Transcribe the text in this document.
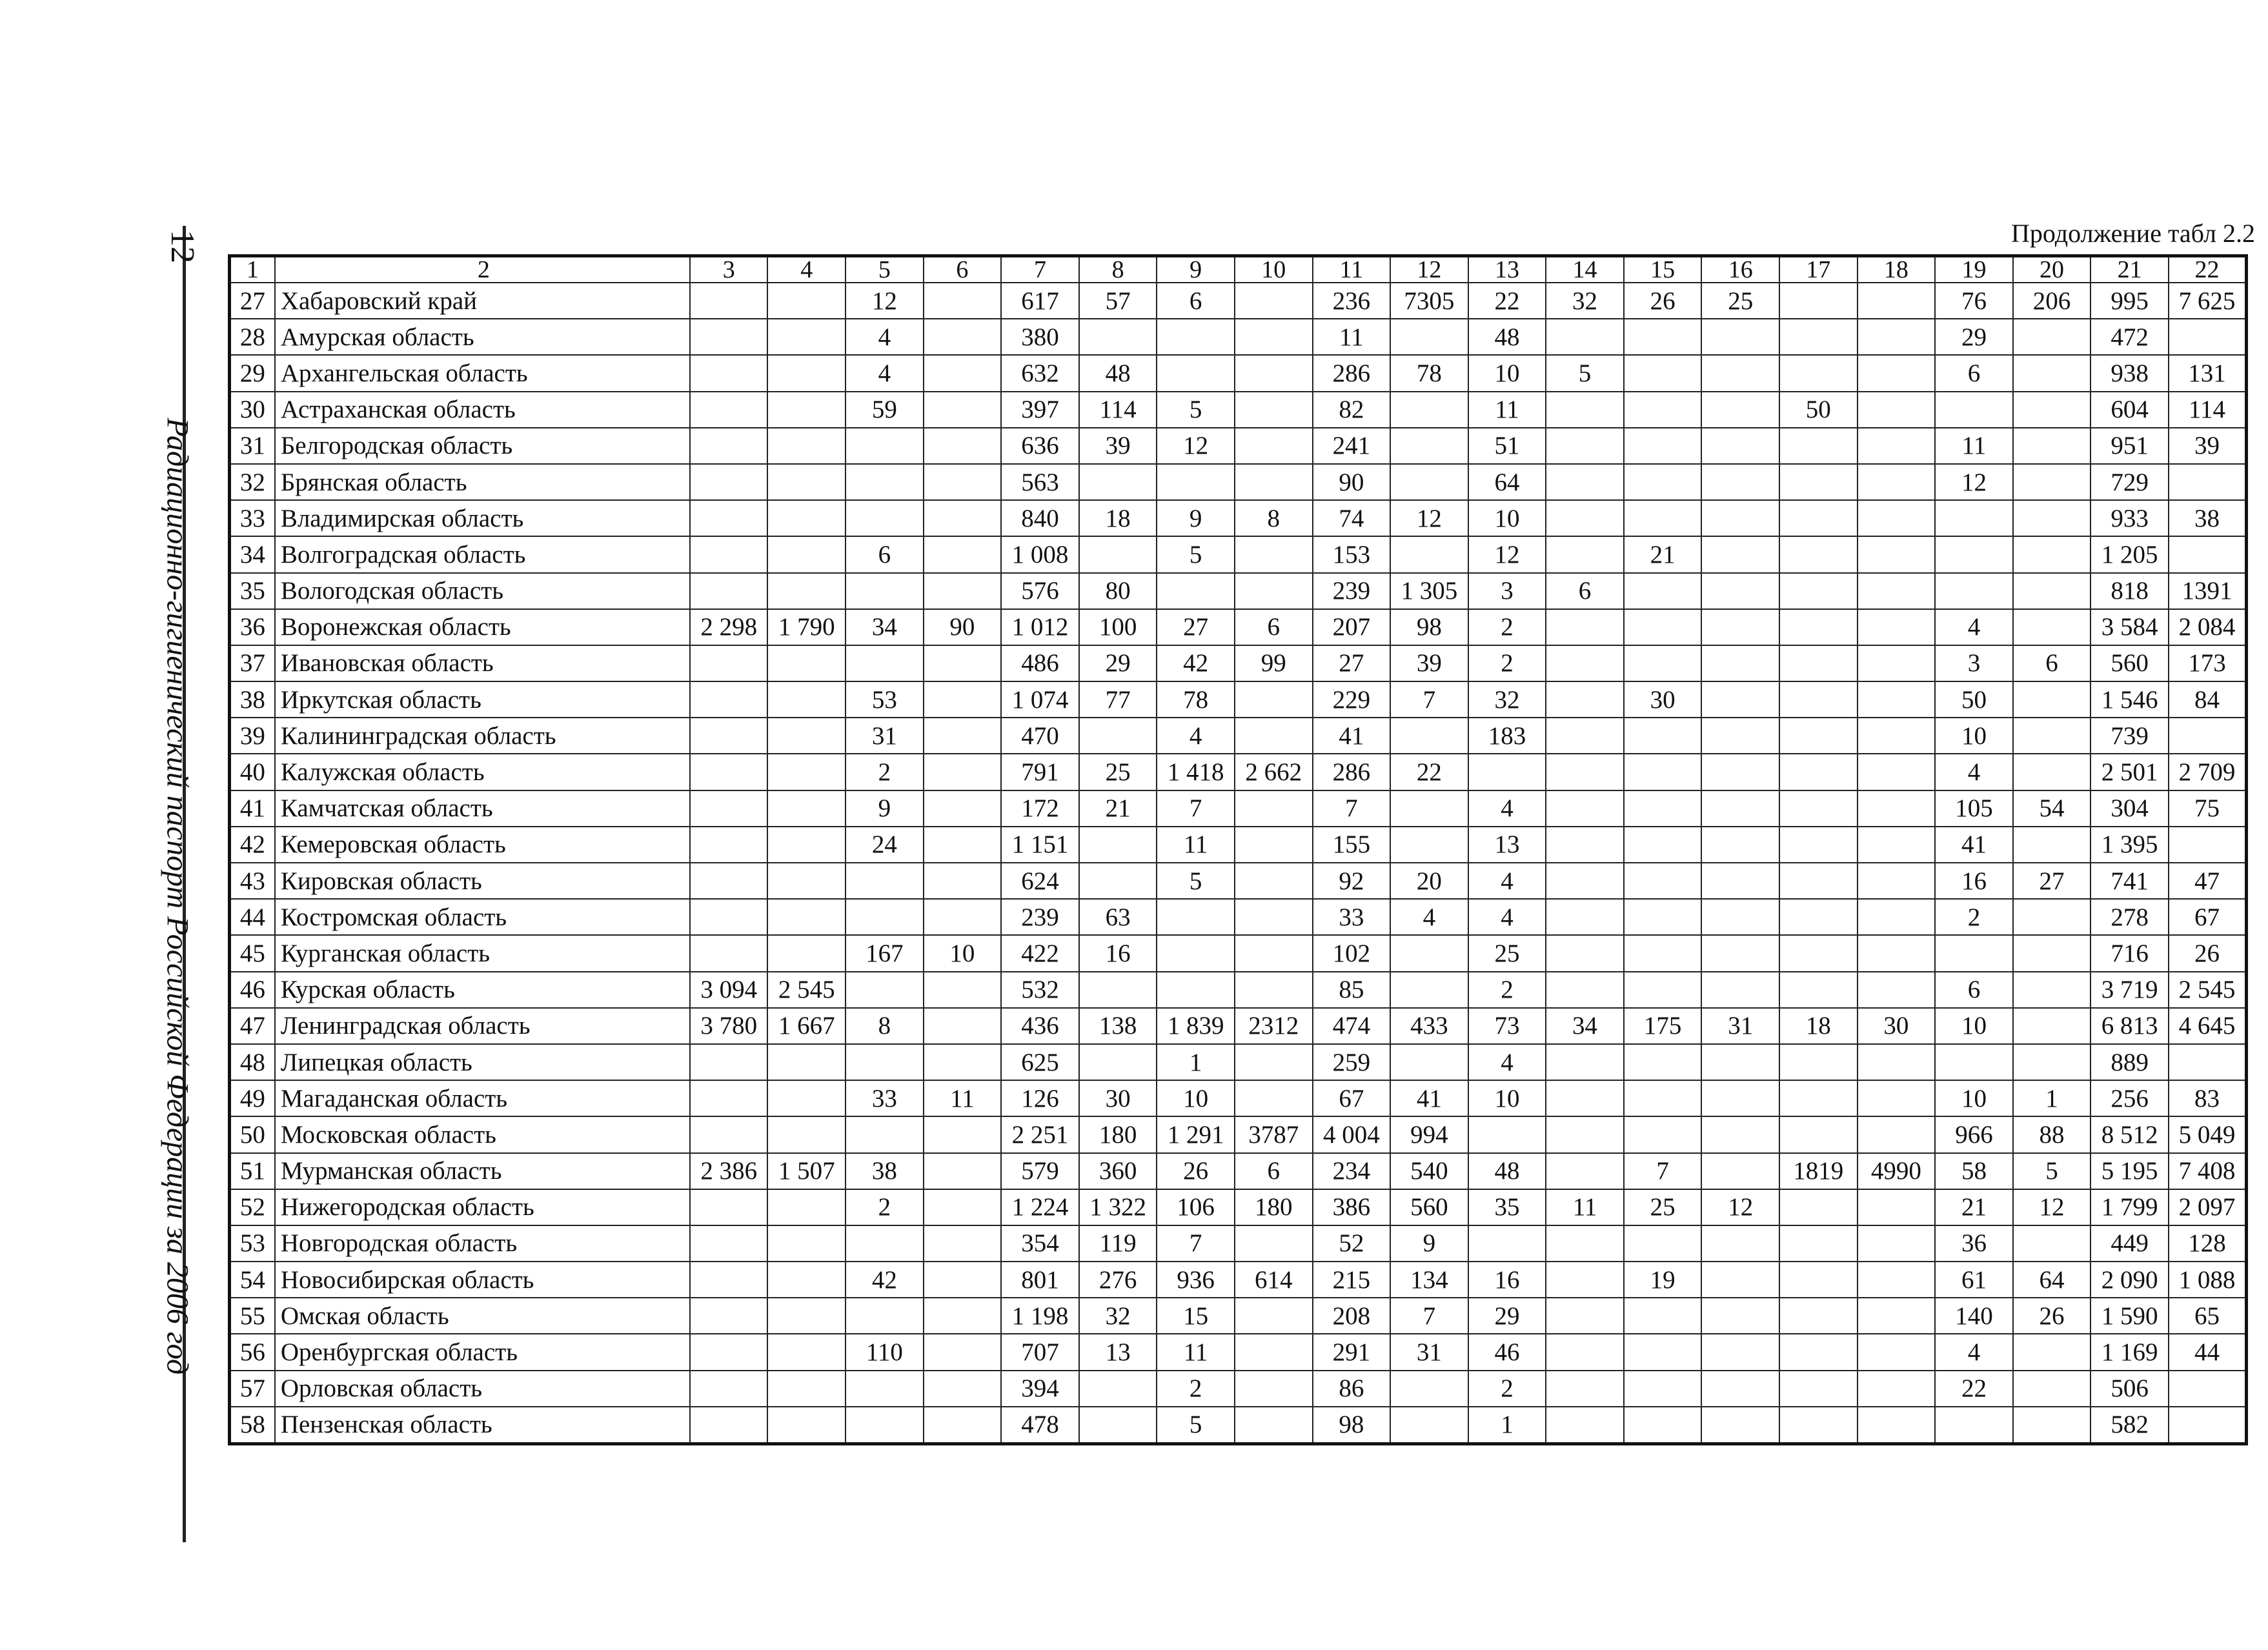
12
Радиационно-гигиенический паспорт Российской Федерации за 2006 год
Продолжение табл 2.2
1	2	3	4	5	6	7	8	9	10	11	12	13	14	15	16	17	18	19	20	21	22
27	Хабаровский край			12		617	57	6		236	7305	22	32	26	25			76	206	995	7 625
28	Амурская область			4		380				11		48						29		472	
29	Архангельская область			4		632	48			286	78	10	5					6		938	131
30	Астраханская область			59		397	114	5		82		11				50				604	114
31	Белгородская область					636	39	12		241		51						11		951	39
32	Брянская область					563				90		64						12		729	
33	Владимирская область					840	18	9	8	74	12	10								933	38
34	Волгоградская область			6		1 008		5		153		12		21						1 205	
35	Вологодская область					576	80			239	1 305	3	6							818	1391
36	Воронежская область	2 298	1 790	34	90	1 012	100	27	6	207	98	2						4		3 584	2 084
37	Ивановская область					486	29	42	99	27	39	2						3	6	560	173
38	Иркутская область			53		1 074	77	78		229	7	32		30				50		1 546	84
39	Калининградская область			31		470		4		41		183						10		739	
40	Калужская область			2		791	25	1 418	2 662	286	22							4		2 501	2 709
41	Камчатская область			9		172	21	7		7		4						105	54	304	75
42	Кемеровская область			24		1 151		11		155		13						41		1 395	
43	Кировская область					624		5		92	20	4						16	27	741	47
44	Костромская область					239	63			33	4	4						2		278	67
45	Курганская область			167	10	422	16			102		25								716	26
46	Курская область	3 094	2 545			532				85		2						6		3 719	2 545
47	Ленинградская область	3 780	1 667	8		436	138	1 839	2312	474	433	73	34	175	31	18	30	10		6 813	4 645
48	Липецкая область					625		1		259		4								889	
49	Магаданская область			33	11	126	30	10		67	41	10						10	1	256	83
50	Московская область					2 251	180	1 291	3787	4 004	994							966	88	8 512	5 049
51	Мурманская область	2 386	1 507	38		579	360	26	6	234	540	48		7		1819	4990	58	5	5 195	7 408
52	Нижегородская область			2		1 224	1 322	106	180	386	560	35	11	25	12			21	12	1 799	2 097
53	Новгородская область					354	119	7		52	9							36		449	128
54	Новосибирская область			42		801	276	936	614	215	134	16		19				61	64	2 090	1 088
55	Омская область					1 198	32	15		208	7	29						140	26	1 590	65
56	Оренбургская область			110		707	13	11		291	31	46						4		1 169	44
57	Орловская область					394		2		86		2						22		506	
58	Пензенская область					478		5		98		1								582	
